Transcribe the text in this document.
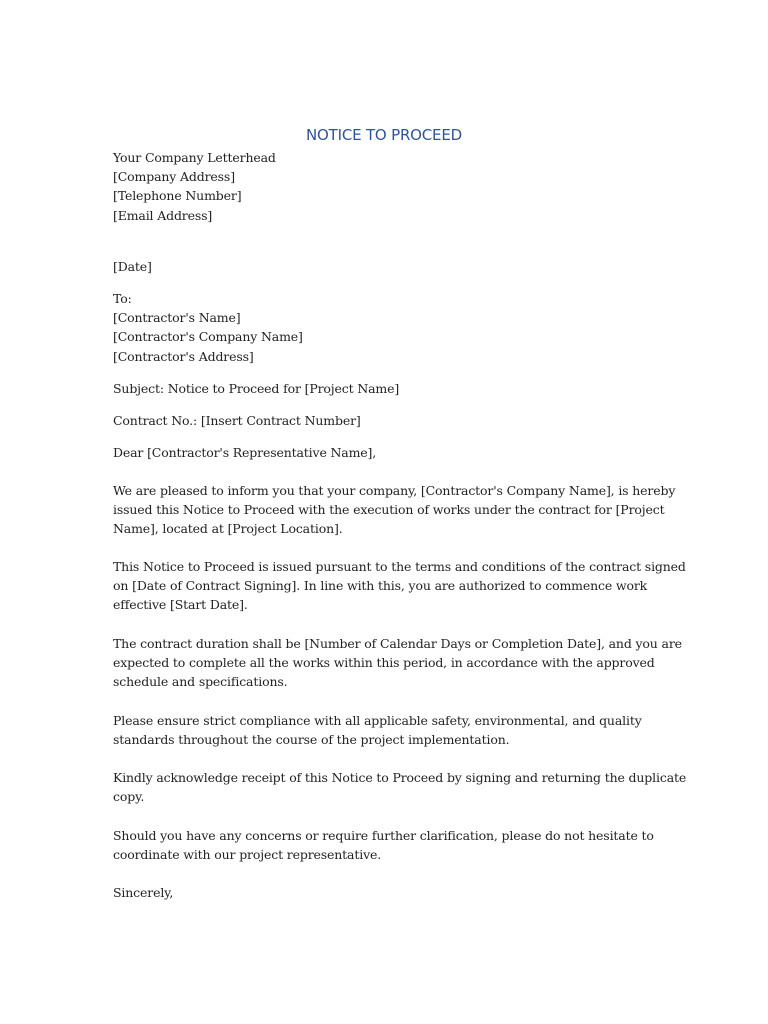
NOTICE TO PROCEED
Your Company Letterhead
[Company Address]
[Telephone Number]
[Email Address]
[Date]
To:
[Contractor's Name]
[Contractor's Company Name]
[Contractor's Address]
Subject: Notice to Proceed for [Project Name]
Contract No.: [Insert Contract Number]
Dear [Contractor's Representative Name],
We are pleased to inform you that your company, [Contractor's Company Name], is hereby
issued this Notice to Proceed with the execution of works under the contract for [Project
Name], located at [Project Location].
This Notice to Proceed is issued pursuant to the terms and conditions of the contract signed
on [Date of Contract Signing]. In line with this, you are authorized to commence work
effective [Start Date].
The contract duration shall be [Number of Calendar Days or Completion Date], and you are
expected to complete all the works within this period, in accordance with the approved
schedule and specifications.
Please ensure strict compliance with all applicable safety, environmental, and quality
standards throughout the course of the project implementation.
Kindly acknowledge receipt of this Notice to Proceed by signing and returning the duplicate
copy.
Should you have any concerns or require further clarification, please do not hesitate to
coordinate with our project representative.
Sincerely,
